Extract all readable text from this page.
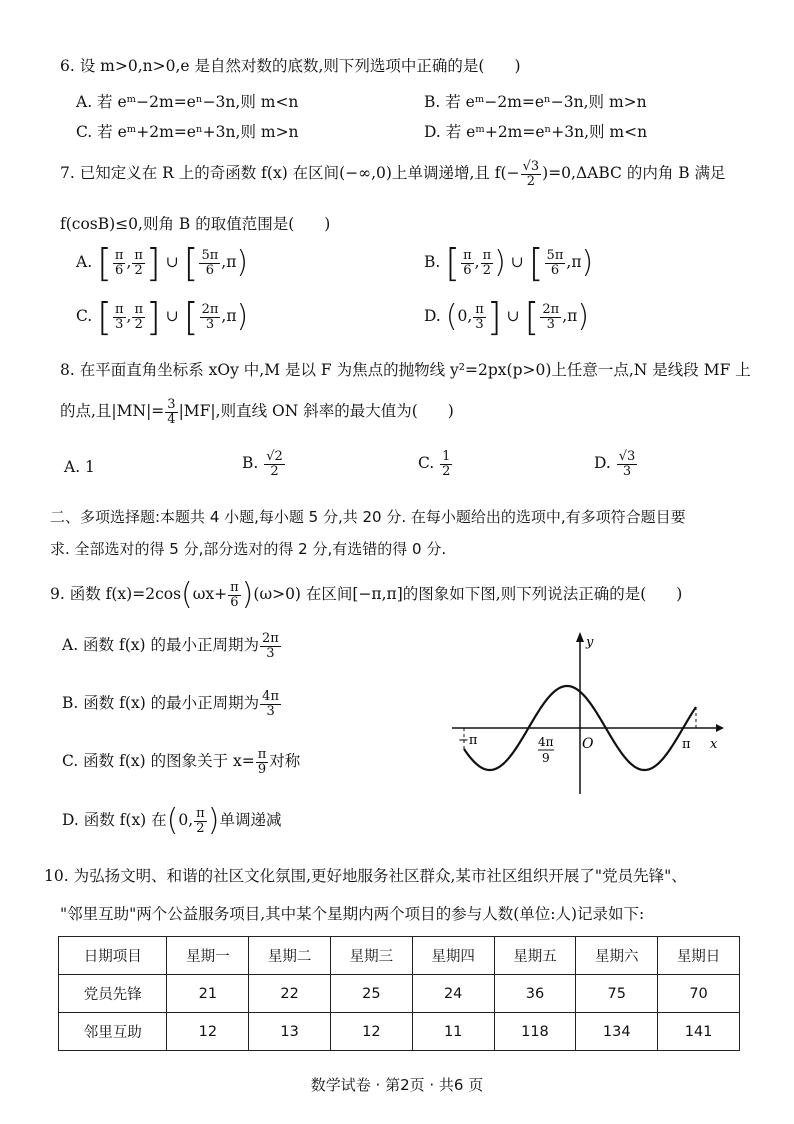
6. 设 m>0,n>0,e 是自然对数的底数,则下列选项中正确的是( )
A. 若 eᵐ−2m=eⁿ−3n,则 m<n	B. 若 eᵐ−2m=eⁿ−3n,则 m>n
C. 若 eᵐ+2m=eⁿ+3n,则 m>n	D. 若 eᵐ+2m=eⁿ+3n,则 m<n
7. 已知定义在 R 上的奇函数 f(x) 在区间(−∞,0)上单调递增,且 $f(- \frac{√3}{2} )=0,\Delta ABC$ 的内角 B 满足
f(cosB)≤0,则角 B 的取值范围是( )
A. [ $\frac{\pi}{6}$ , $\frac{\pi}{2}$ ] ∪ [ $\frac{5\pi}{6} ,\pi$)	B. [ $\frac{\pi}{6}$ , $\frac{\pi}{2}$ ) ∪ [ $\frac{5\pi}{6} ,\pi$)
C. [ $\frac{\pi}{3}$ , $\frac{\pi}{2}$ ] ∪ [ $\frac{2\pi}{3} ,\pi$)	D. (0, $\frac{\pi}{3}$ ] ∪ [ $\frac{2\pi}{3} ,\pi$)
8. 在平面直角坐标系 xOy 中,M 是以 F 为焦点的抛物线 y²=2px(p>0)上任意一点,N 是线段 MF 上
的点,且$|MN|= \frac{3}{4} |MF|$,则直线 ON 斜率的最大值为( )
A. 1	B. $\frac{√2}{2}$	C. $\frac{1}{2}$	D. $\frac{√3}{3}$
二、多项选择题:本题共 4 小题,每小题 5 分,共 20 分. 在每小题给出的选项中,有多项符合题目要
求. 全部选对的得 5 分,部分选对的得 2 分,有选错的得 0 分.
9. 函数 $f(x)=2\cos(\omega x+ \frac{\pi}{6} )(\omega>0)$ 在区间[−π,π]的图象如下图,则下列说法正确的是( )
A. 函数 f(x) 的最小正周期为 $\frac{2\pi}{3}$
B. 函数 f(x) 的最小正周期为 $\frac{4\pi}{3}$
C. 函数 f(x) 的图象关于 $x= \frac{\pi}{9}$ 对称
D. 函数 f(x) 在(0, $\frac{\pi}{2}$ )单调递减
y
x
O
−π	π
4π
9
10. 为弘扬文明、和谐的社区文化氛围,更好地服务社区群众,某市社区组织开展了"党员先锋"、
"邻里互助"两个公益服务项目,其中某个星期内两个项目的参与人数(单位:人)记录如下:
日期项目	星期一	星期二	星期三	星期四	星期五	星期六	星期日
党员先锋	21	22	25	24	36	75	70
邻里互助	12	13	12	11	118	134	141
数学试卷 · 第2页 · 共6 页
